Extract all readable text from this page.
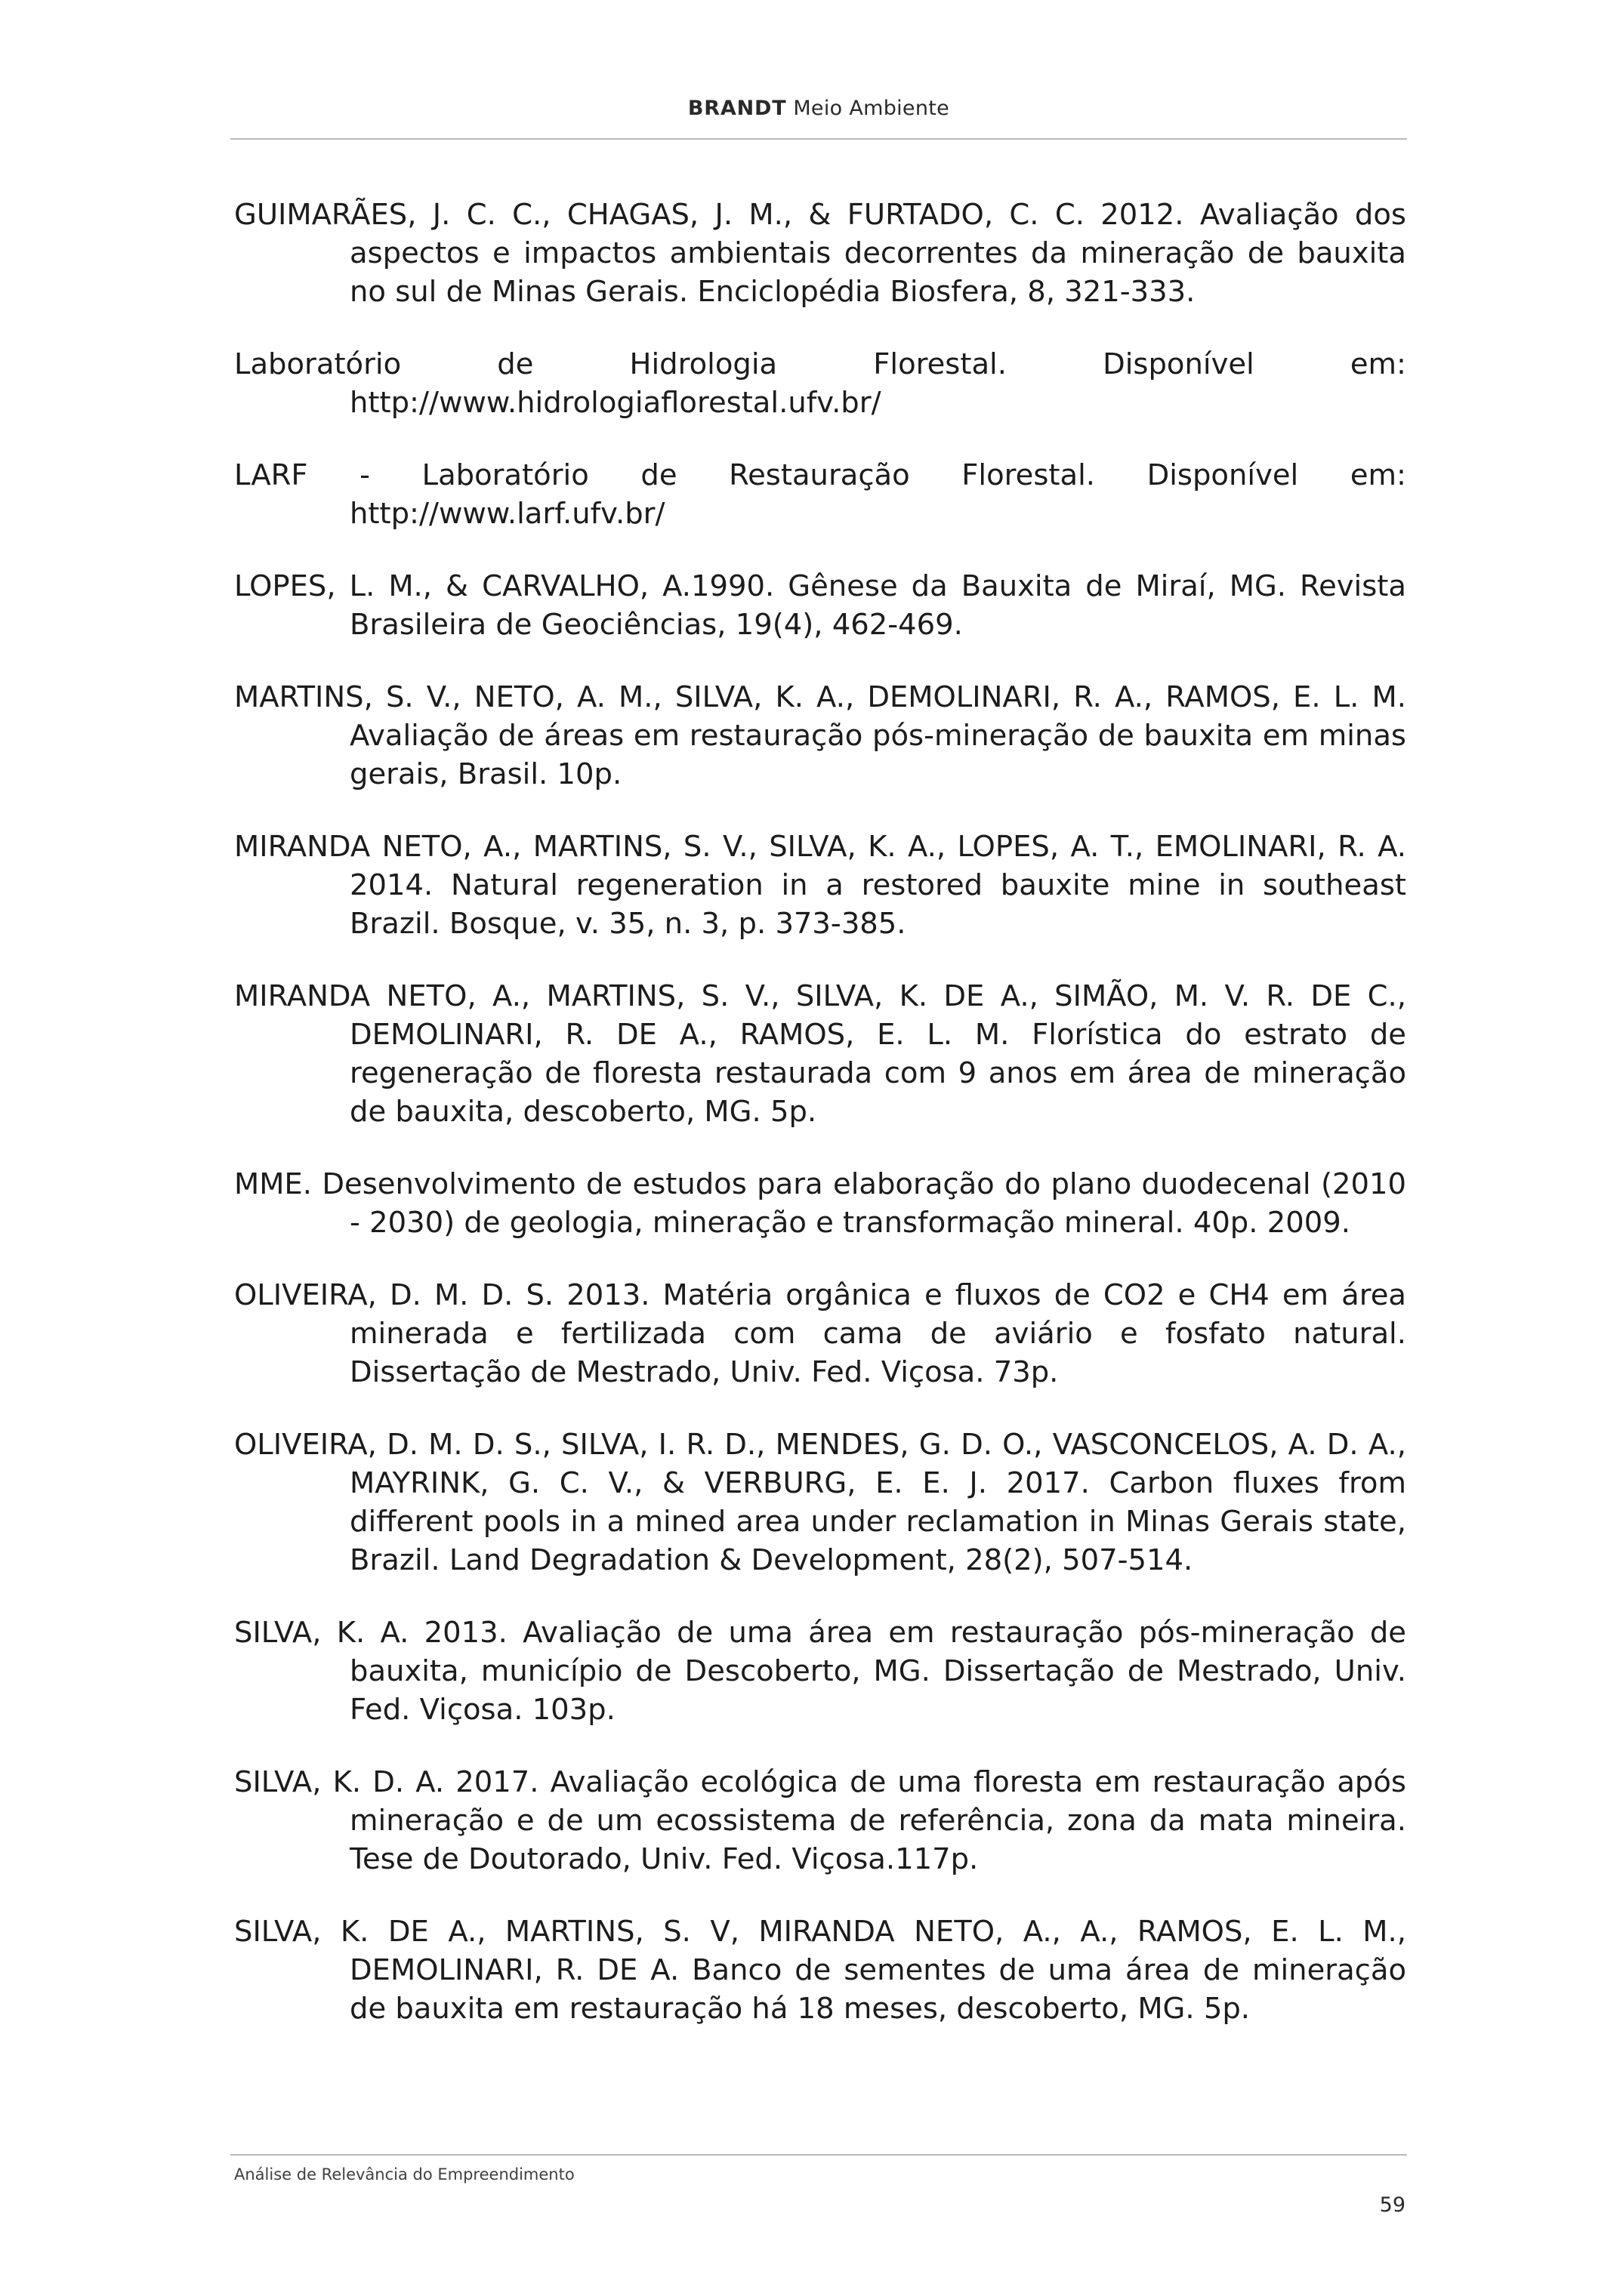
BRANDT Meio Ambiente
GUIMARÃES, J. C. C., CHAGAS, J. M., & FURTADO, C. C. 2012. Avaliação dos aspectos e impactos ambientais decorrentes da mineração de bauxita no sul de Minas Gerais. Enciclopédia Biosfera, 8, 321-333.
Laboratório de Hidrologia Florestal. Disponível em:
http://www.hidrologiaflorestal.ufv.br/
LARF - Laboratório de Restauração Florestal. Disponível em:
http://www.larf.ufv.br/
LOPES, L. M., & CARVALHO, A.1990. Gênese da Bauxita de Miraí, MG. Revista Brasileira de Geociências, 19(4), 462-469.
MARTINS, S. V., NETO, A. M., SILVA, K. A., DEMOLINARI, R. A., RAMOS, E. L. M. Avaliação de áreas em restauração pós-mineração de bauxita em minas gerais, Brasil. 10p.
MIRANDA NETO, A., MARTINS, S. V., SILVA, K. A., LOPES, A. T., EMOLINARI, R. A. 2014. Natural regeneration in a restored bauxite mine in southeast Brazil. Bosque, v. 35, n. 3, p. 373-385.
MIRANDA NETO, A., MARTINS, S. V., SILVA, K. DE A., SIMÃO, M. V. R. DE C., DEMOLINARI, R. DE A., RAMOS, E. L. M. Florística do estrato de regeneração de floresta restaurada com 9 anos em área de mineração de bauxita, descoberto, MG. 5p.
MME. Desenvolvimento de estudos para elaboração do plano duodecenal (2010 - 2030) de geologia, mineração e transformação mineral. 40p. 2009.
OLIVEIRA, D. M. D. S. 2013. Matéria orgânica e fluxos de CO2 e CH4 em área minerada e fertilizada com cama de aviário e fosfato natural. Dissertação de Mestrado, Univ. Fed. Viçosa. 73p.
OLIVEIRA, D. M. D. S., SILVA, I. R. D., MENDES, G. D. O., VASCONCELOS, A. D. A., MAYRINK, G. C. V., & VERBURG, E. E. J. 2017. Carbon fluxes from different pools in a mined area under reclamation in Minas Gerais state, Brazil. Land Degradation & Development, 28(2), 507-514.
SILVA, K. A. 2013. Avaliação de uma área em restauração pós-mineração de bauxita, município de Descoberto, MG. Dissertação de Mestrado, Univ. Fed. Viçosa. 103p.
SILVA, K. D. A. 2017. Avaliação ecológica de uma floresta em restauração após mineração e de um ecossistema de referência, zona da mata mineira. Tese de Doutorado, Univ. Fed. Viçosa.117p.
SILVA, K. DE A., MARTINS, S. V, MIRANDA NETO, A., A., RAMOS, E. L. M., DEMOLINARI, R. DE A. Banco de sementes de uma área de mineração de bauxita em restauração há 18 meses, descoberto, MG. 5p.
Análise de Relevância do Empreendimento
59
